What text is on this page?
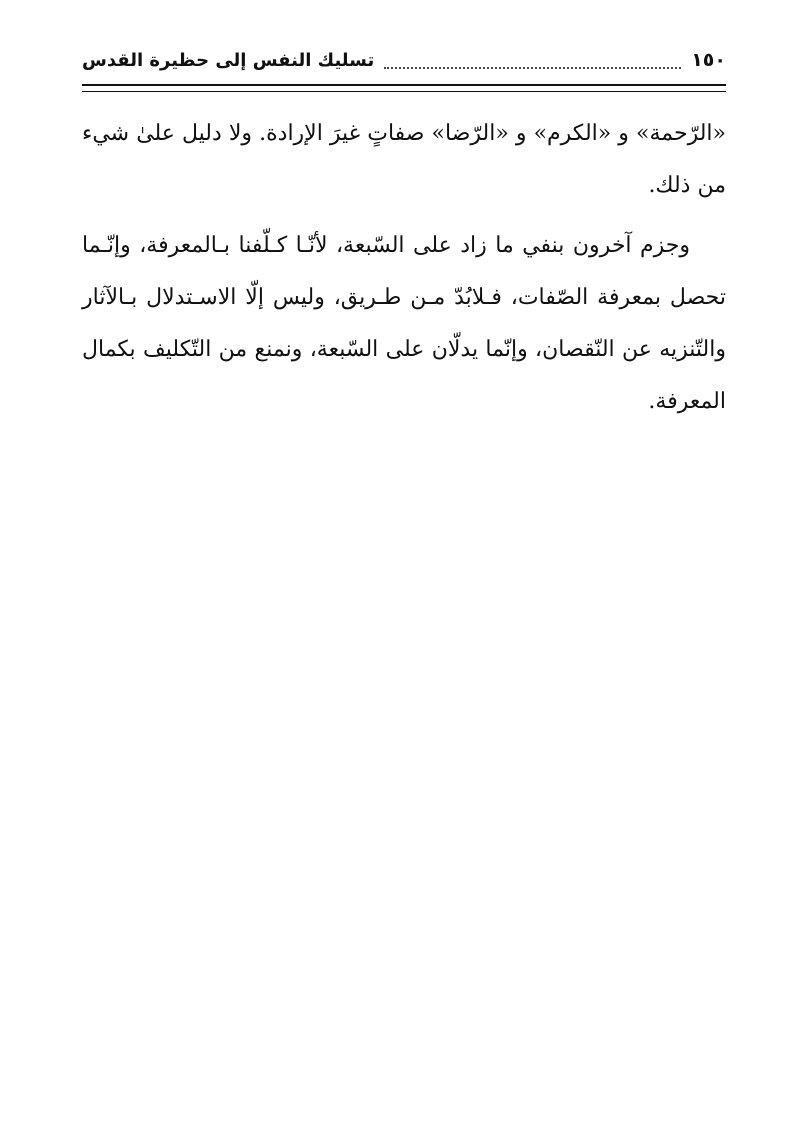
١٥٠
تسليك النفس إلى حظيرة القدس

«الرّحمة» و «الكرم» و «الرّضا» صفاتٍ غيرَ الإرادة. ولا دليل علىٰ شيء من ذلك.

وجزم آخرون بنفي ما زاد على السّبعة، لأنّـا كـلّفنا بـالمعرفة، وإنّـما تحصل بمعرفة الصّفات، فـلابُدّ مـن طـريق، وليس إلّا الاسـتدلال بـالآثار والتّنزيه عن النّقصان، وإنّما يدلّان على السّبعة، ونمنع من التّكليف بكمال المعرفة.
